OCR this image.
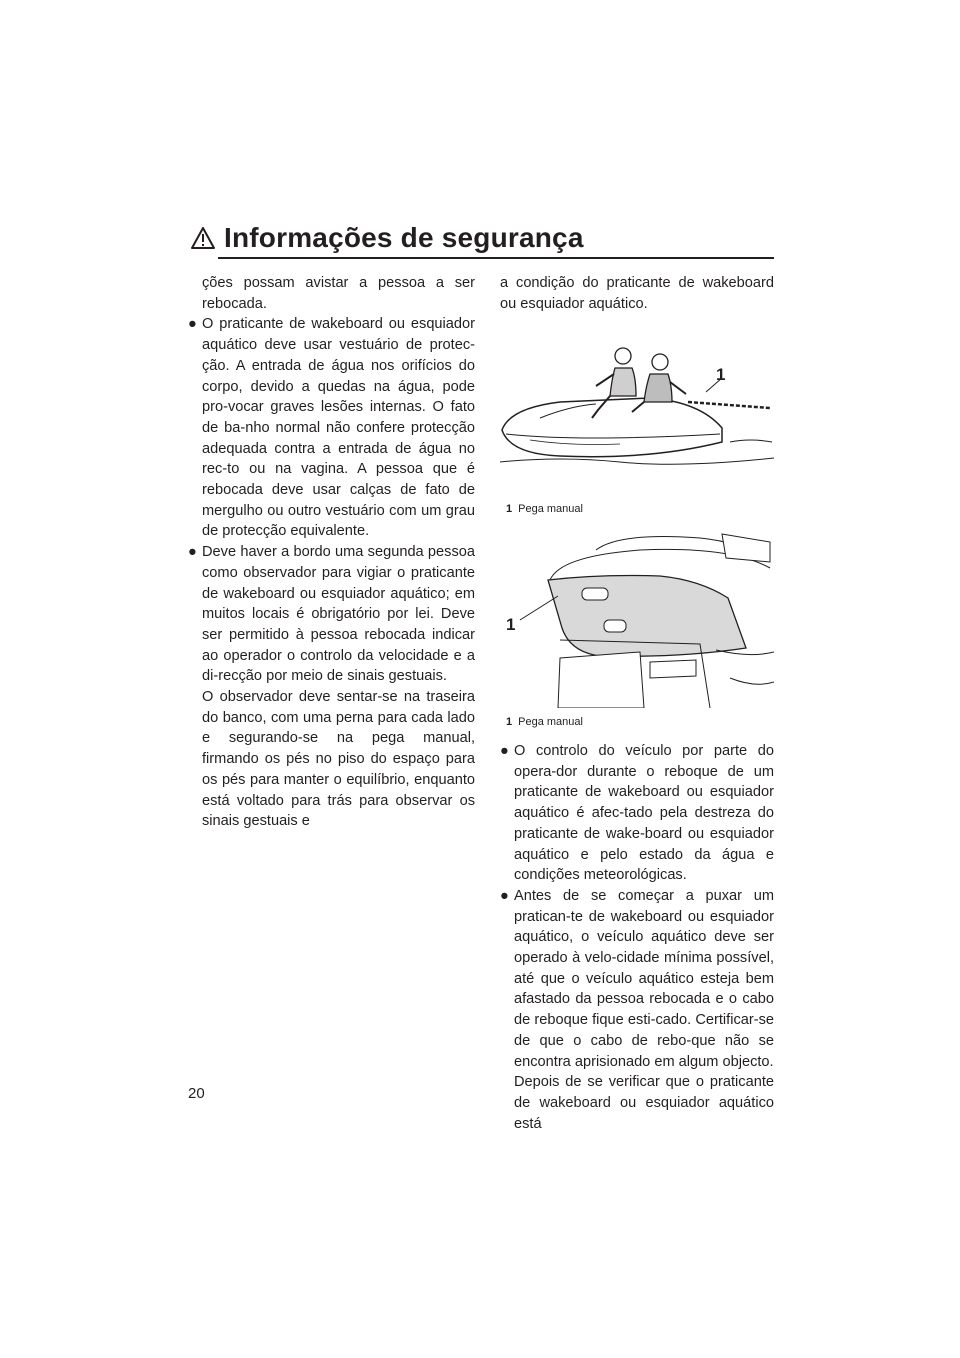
Informações de segurança

ções possam avistar a pessoa a ser rebocada.

● O praticante de wakeboard ou esquiador aquático deve usar vestuário de protec-ção. A entrada de água nos orifícios do corpo, devido a quedas na água, pode pro-vocar graves lesões internas. O fato de ba-nho normal não confere protecção adequada contra a entrada de água no rec-to ou na vagina. A pessoa que é rebocada deve usar calças de fato de mergulho ou outro vestuário com um grau de protecção equivalente.

● Deve haver a bordo uma segunda pessoa como observador para vigiar o praticante de wakeboard ou esquiador aquático; em muitos locais é obrigatório por lei. Deve ser permitido à pessoa rebocada indicar ao operador o controlo da velocidade e a di-recção por meio de sinais gestuais.

O observador deve sentar-se na traseira do banco, com uma perna para cada lado e segurando-se na pega manual, firmando os pés no piso do espaço para os pés para manter o equilíbrio, enquanto está voltado para trás para observar os sinais gestuais e

a condição do praticante de wakeboard ou esquiador aquático.

1
1 Pega manual
1
1 Pega manual

● O controlo do veículo por parte do opera-dor durante o reboque de um praticante de wakeboard ou esquiador aquático é afec-tado pela destreza do praticante de wake-board ou esquiador aquático e pelo estado da água e condições meteorológicas.

● Antes de se começar a puxar um pratican-te de wakeboard ou esquiador aquático, o veículo aquático deve ser operado à velo-cidade mínima possível, até que o veículo aquático esteja bem afastado da pessoa rebocada e o cabo de reboque fique esti-cado. Certificar-se de que o cabo de rebo-que não se encontra aprisionado em algum objecto.

Depois de se verificar que o praticante de wakeboard ou esquiador aquático está

20
